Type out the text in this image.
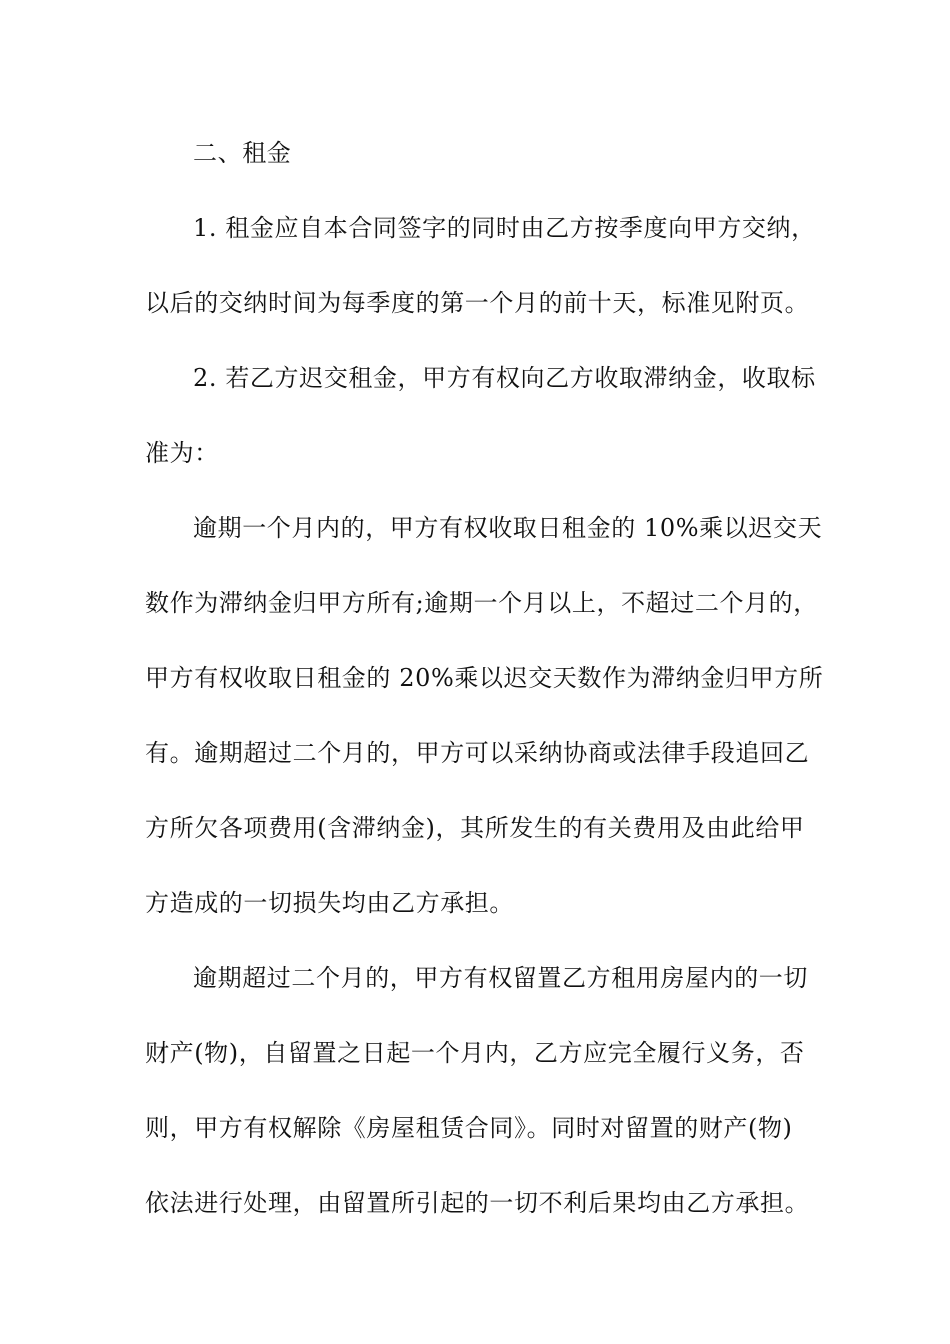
二、租金
1. 租金应自本合同签字的同时由乙方按季度向甲方交纳，
以后的交纳时间为每季度的第一个月的前十天，标准见附页。
2. 若乙方迟交租金，甲方有权向乙方收取滞纳金，收取标
准为：
逾期一个月内的，甲方有权收取日租金的 10%乘以迟交天
数作为滞纳金归甲方所有;逾期一个月以上，不超过二个月的，
甲方有权收取日租金的 20%乘以迟交天数作为滞纳金归甲方所
有。逾期超过二个月的，甲方可以采纳协商或法律手段追回乙
方所欠各项费用(含滞纳金)，其所发生的有关费用及由此给甲
方造成的一切损失均由乙方承担。
逾期超过二个月的，甲方有权留置乙方租用房屋内的一切
财产(物)，自留置之日起一个月内，乙方应完全履行义务，否
则，甲方有权解除《房屋租赁合同》。同时对留置的财产(物)
依法进行处理，由留置所引起的一切不利后果均由乙方承担。
